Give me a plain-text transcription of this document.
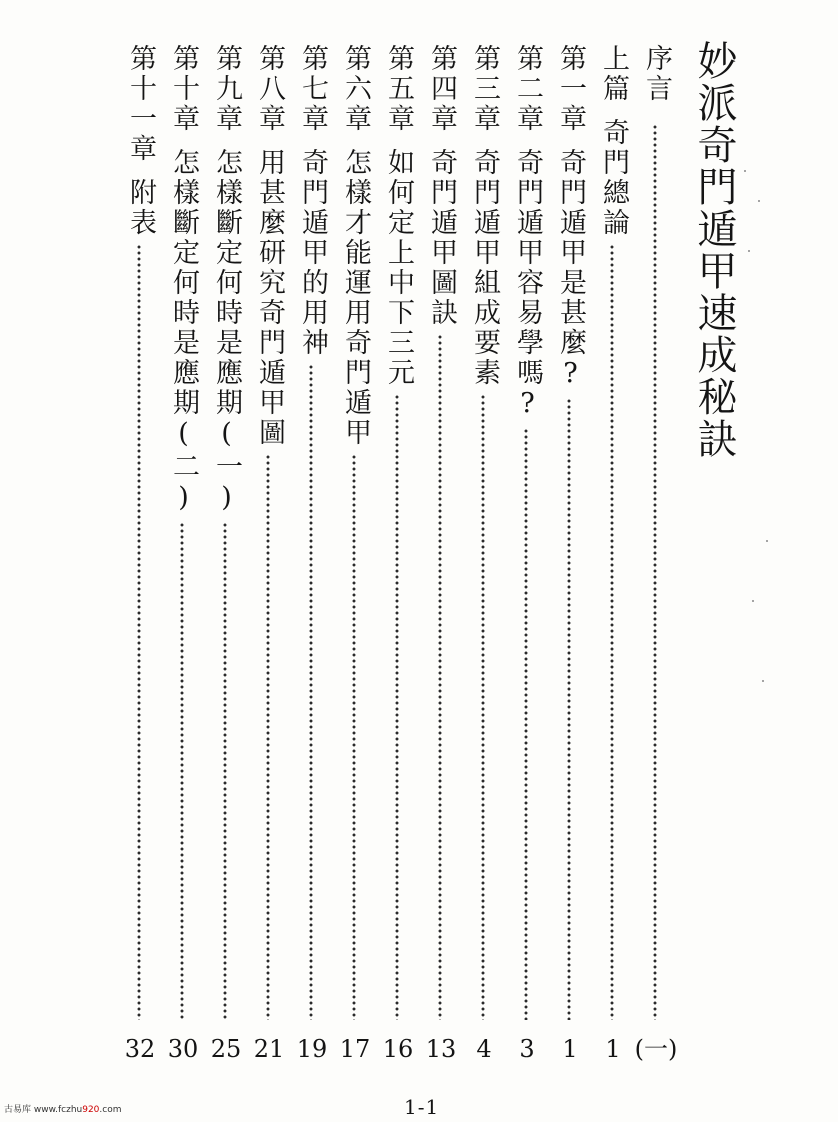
妙派奇門遁甲速成秘訣
序言
(一)
上篇奇門總論
1
第一章奇門遁甲是甚麼?
1
第二章奇門遁甲容易學嗎?
3
第三章奇門遁甲組成要素
4
第四章奇門遁甲圖訣
13
第五章如何定上中下三元
16
第六章怎樣才能運用奇門遁甲
17
第七章奇門遁甲的用神
19
第八章用甚麼研究奇門遁甲圖
21
第九章怎樣斷定何時是應期(一)
25
第十章怎樣斷定何時是應期(二)
30
第十一章附表
32
1-1
古易库 www.fczhu920.com
